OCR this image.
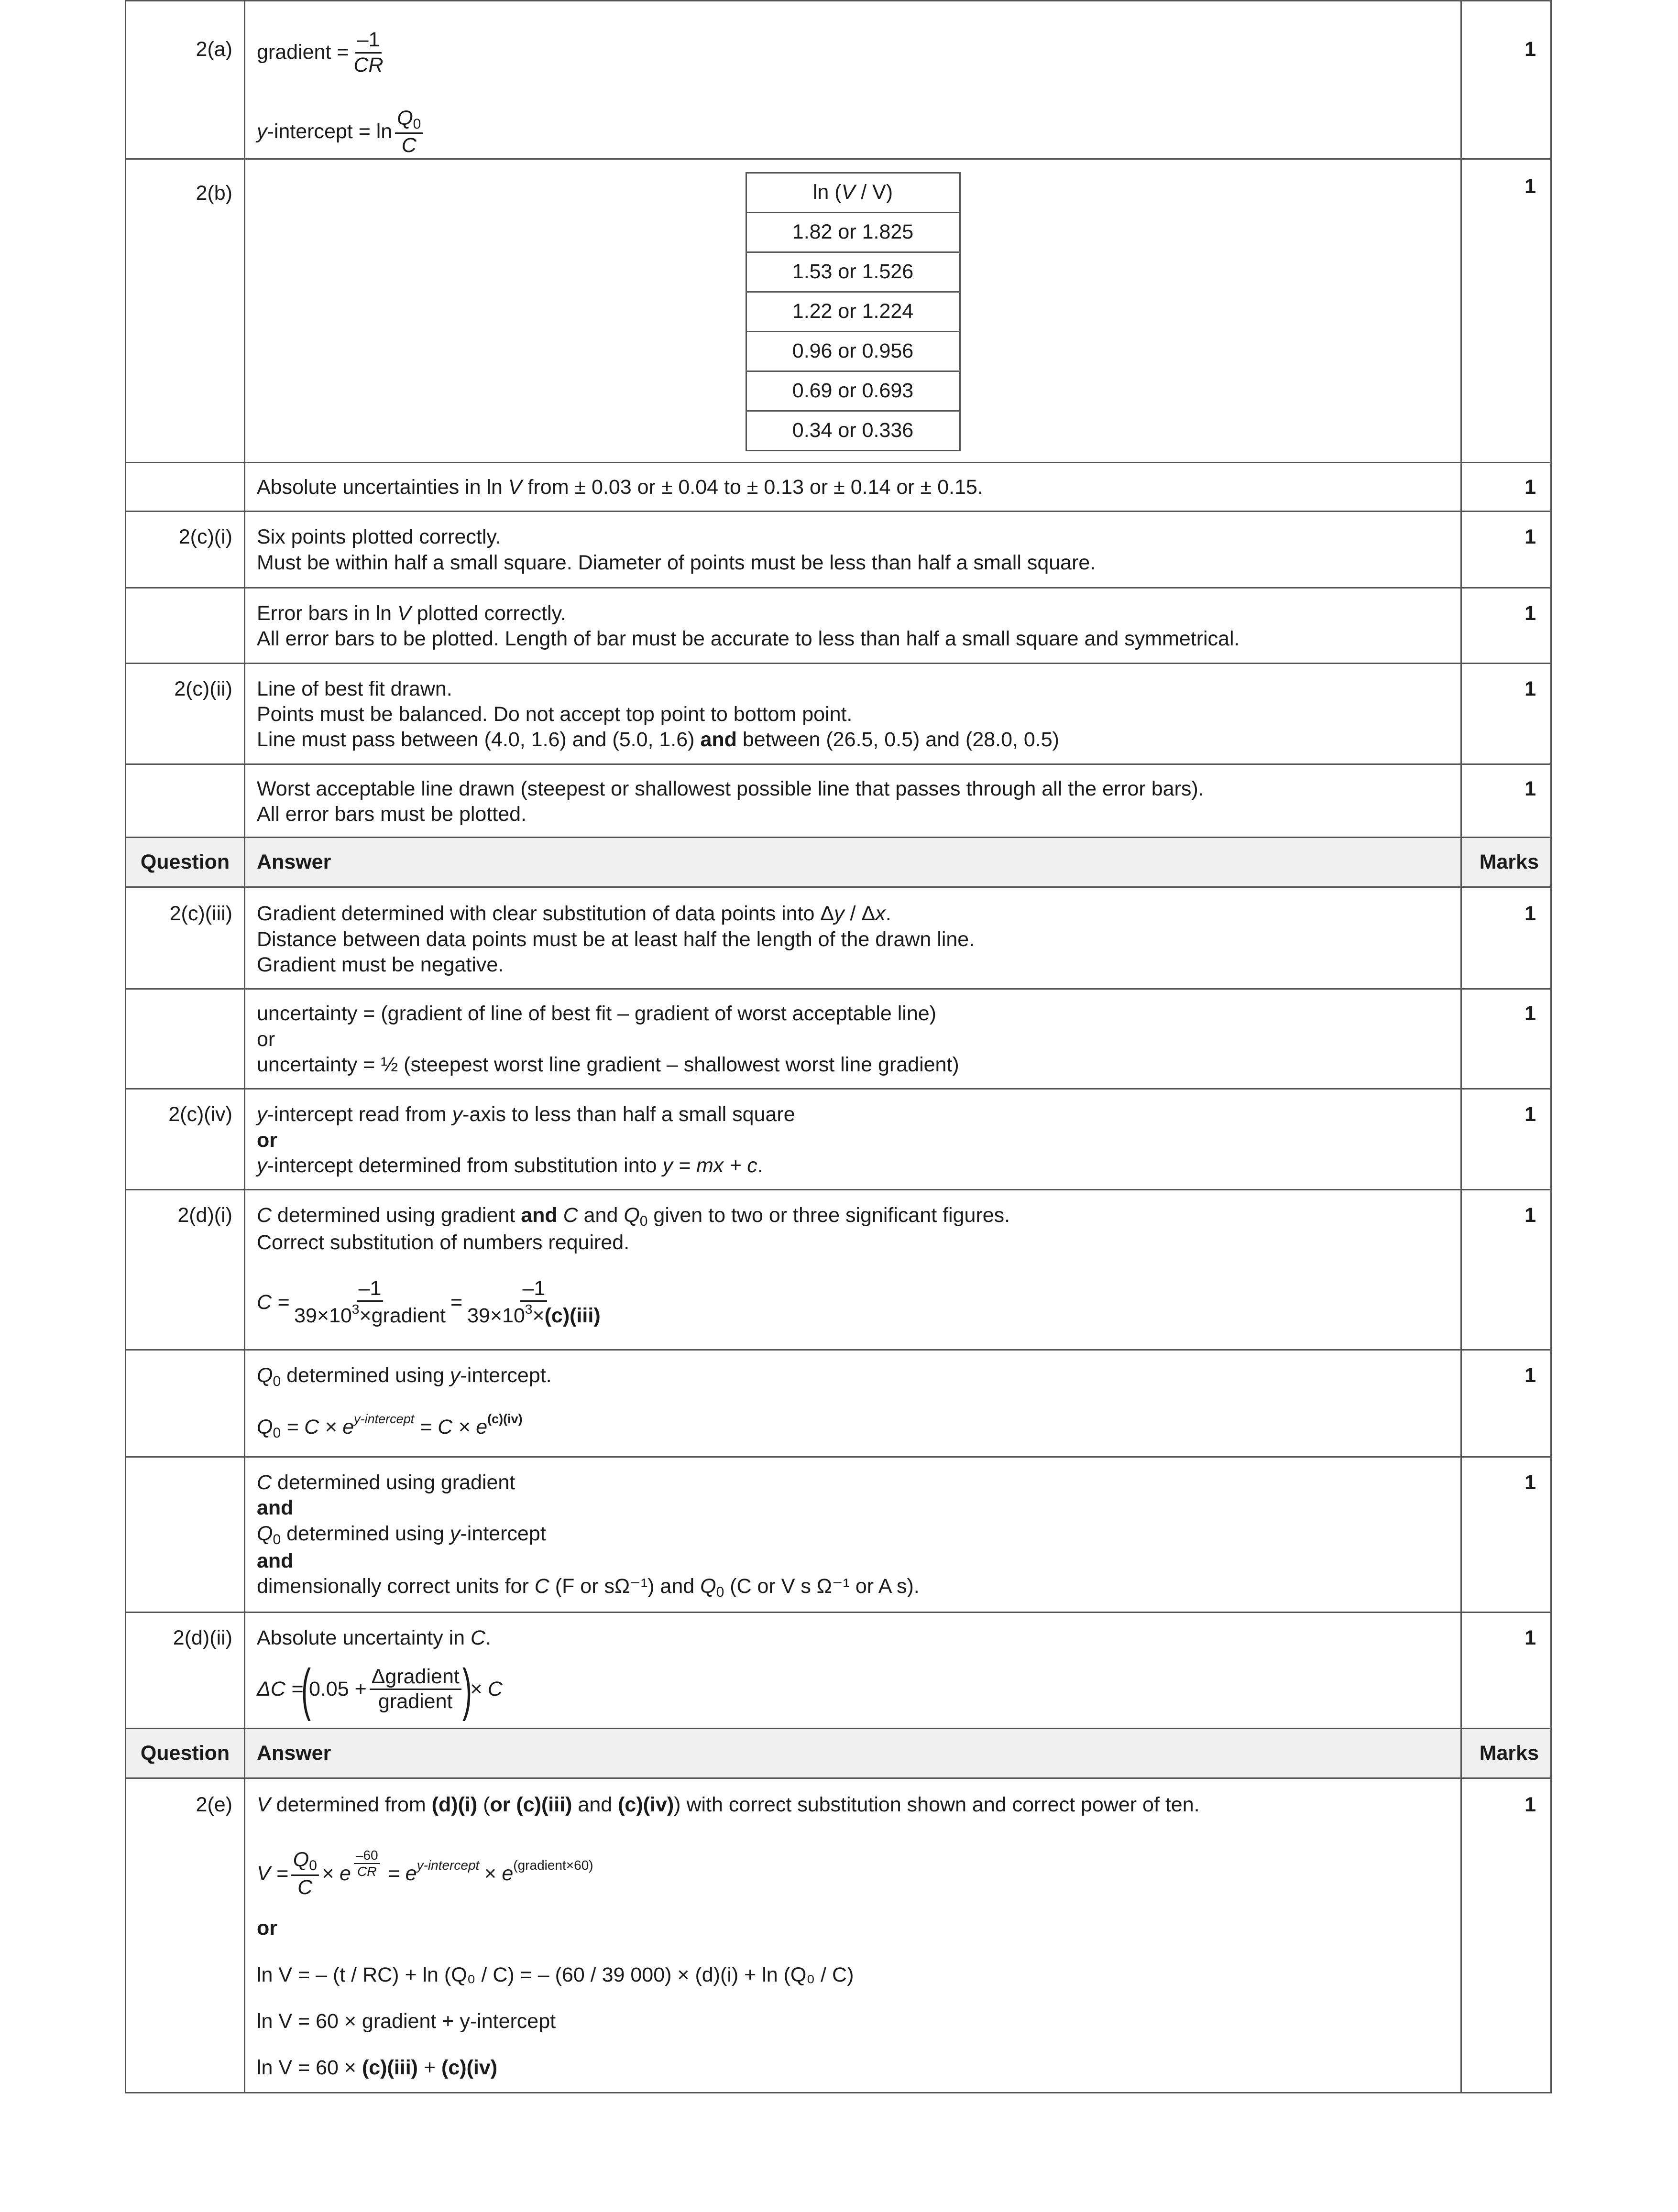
2(a)	gradient = $\frac{-1}{CR}$
y -intercept = $\ln \frac{Q_0}{C}$
	1
2(b)		ln (V / V)
1.82 or 1.825
1.53 or 1.526
1.22 or 1.224
0.96 or 0.956
0.69 or 0.693
0.34 or 0.336
	1
	Absolute uncertainties in ln V from ± 0.03 or ± 0.04 to ± 0.13 or ± 0.14 or ± 0.15.	1
2(c)(i)	Six points plotted correctly.
Must be within half a small square. Diameter of points must be less than half a small square.
	1

Error bars in ln V plotted correctly.
All error bars to be plotted. Length of bar must be accurate to less than half a small square and symmetrical.
	1
2(c)(ii)	Line of best fit drawn.
Points must be balanced. Do not accept top point to bottom point.
Line must pass between (4.0, 1.6) and (5.0, 1.6) and between (26.5, 0.5) and (28.0, 0.5)
	1

Worst acceptable line drawn (steepest or shallowest possible line that passes through all the error bars).
All error bars must be plotted.
	1
Question	Answer	Marks
2(c)(iii)	Gradient determined with clear substitution of data points into Δy / Δx.
Distance between data points must be at least half the length of the drawn line.
Gradient must be negative.
	1

uncertainty = (gradient of line of best fit – gradient of worst acceptable line)
or
uncertainty = ½ (steepest worst line gradient – shallowest worst line gradient)
	1
2(c)(iv)	y-intercept read from y-axis to less than half a small square
or
y-intercept determined from substitution into y = mx + c.
	1
2(d)(i)	C determined using gradient and C and $Q_0$ given to two or three significant figures.
Correct substitution of numbers required.
$C = \frac{-1}{39\times 10^3\times gradient} = \frac{-1}{39\times 10^3\times(c)(iii)}$
	1

$Q_0$ determined using y-intercept.
$Q_0 = C \times e^{y-intercept} = C \times e^{(c)(iv)}$
	1

C determined using gradient
and
$Q_0$ determined using y-intercept
and
dimensionally correct units for C (F or sΩ⁻¹) and $Q_0$ (C or V s Ω⁻¹ or A s).
	1
2(d)(ii)	Absolute uncertainty in C.
ΔC =
(
$0.05 + \frac{\text{Δgradient}}{\text{gradient}}$ )
× C
	1
Question	Answer	Marks
2(e)	V determined from (d)(i) (or (c)(iii) and (c)(iv)) with correct substitution shown and correct power of ten.
$V = \frac{Q_0}{C} \times e \frac{-60}{CR} = e$ y-intercept × e (gradient×60)
or
ln V = – (t / RC) + ln (Q₀ / C) = – (60 / 39 000) × (d)(i) + ln (Q₀ / C)
ln V = 60 × gradient + y-intercept
ln V = 60 × (c)(iii) + (c)(iv)
	1
